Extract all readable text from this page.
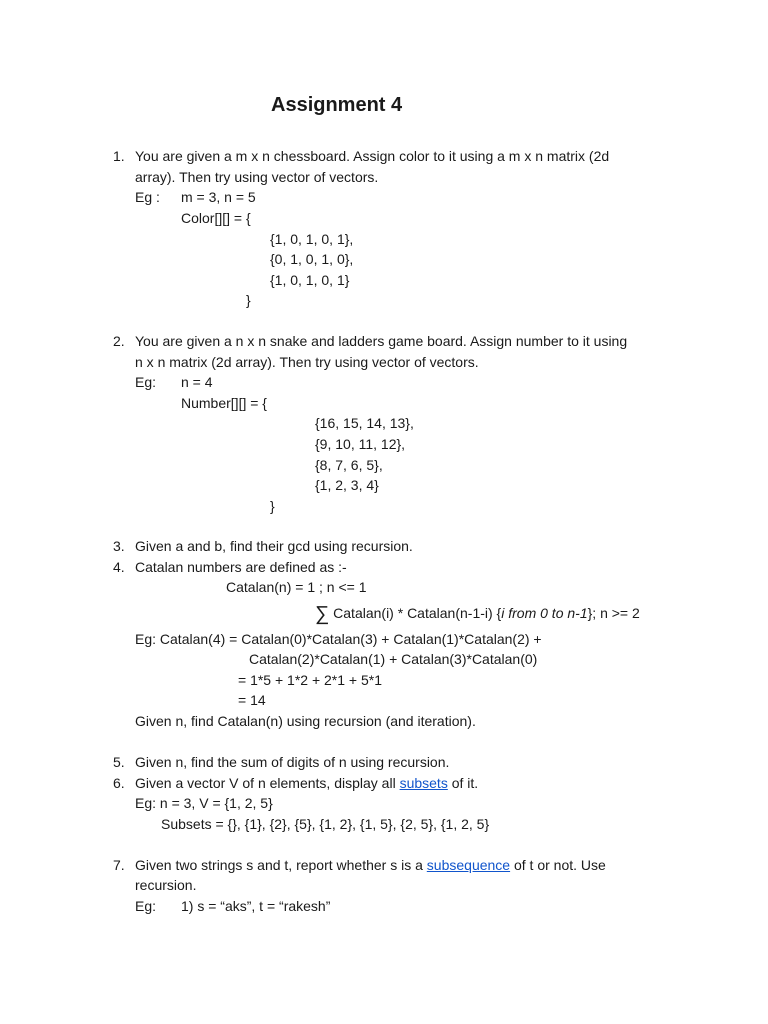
Assignment 4
1. You are given a m x n chessboard. Assign color to it using a m x n matrix (2d
array). Then try using vector of vectors.
Eg : m = 3, n = 5
Color[][] = {
{1, 0, 1, 0, 1},
{0, 1, 0, 1, 0},
{1, 0, 1, 0, 1}
}
2. You are given a n x n snake and ladders game board. Assign number to it using
n x n matrix (2d array). Then try using vector of vectors.
Eg: n = 4
Number[][] = {
{16, 15, 14, 13},
{9, 10, 11, 12},
{8, 7, 6, 5},
{1, 2, 3, 4}
}
3. Given a and b, find their gcd using recursion.
4. Catalan numbers are defined as :-
Catalan(n) = 1 ; n <= 1
∑ Catalan(i) * Catalan(n-1-i) {i from 0 to n-1}; n >= 2
Eg: Catalan(4) = Catalan(0)*Catalan(3) + Catalan(1)*Catalan(2) +
Catalan(2)*Catalan(1) + Catalan(3)*Catalan(0)
= 1*5 + 1*2 + 2*1 + 5*1
= 14
Given n, find Catalan(n) using recursion (and iteration).
5. Given n, find the sum of digits of n using recursion.
6. Given a vector V of n elements, display all subsets of it.
Eg: n = 3, V = {1, 2, 5}
Subsets = {}, {1}, {2}, {5}, {1, 2}, {1, 5}, {2, 5}, {1, 2, 5}
7. Given two strings s and t, report whether s is a subsequence of t or not. Use
recursion.
Eg: 1) s = “aks”, t = “rakesh”
